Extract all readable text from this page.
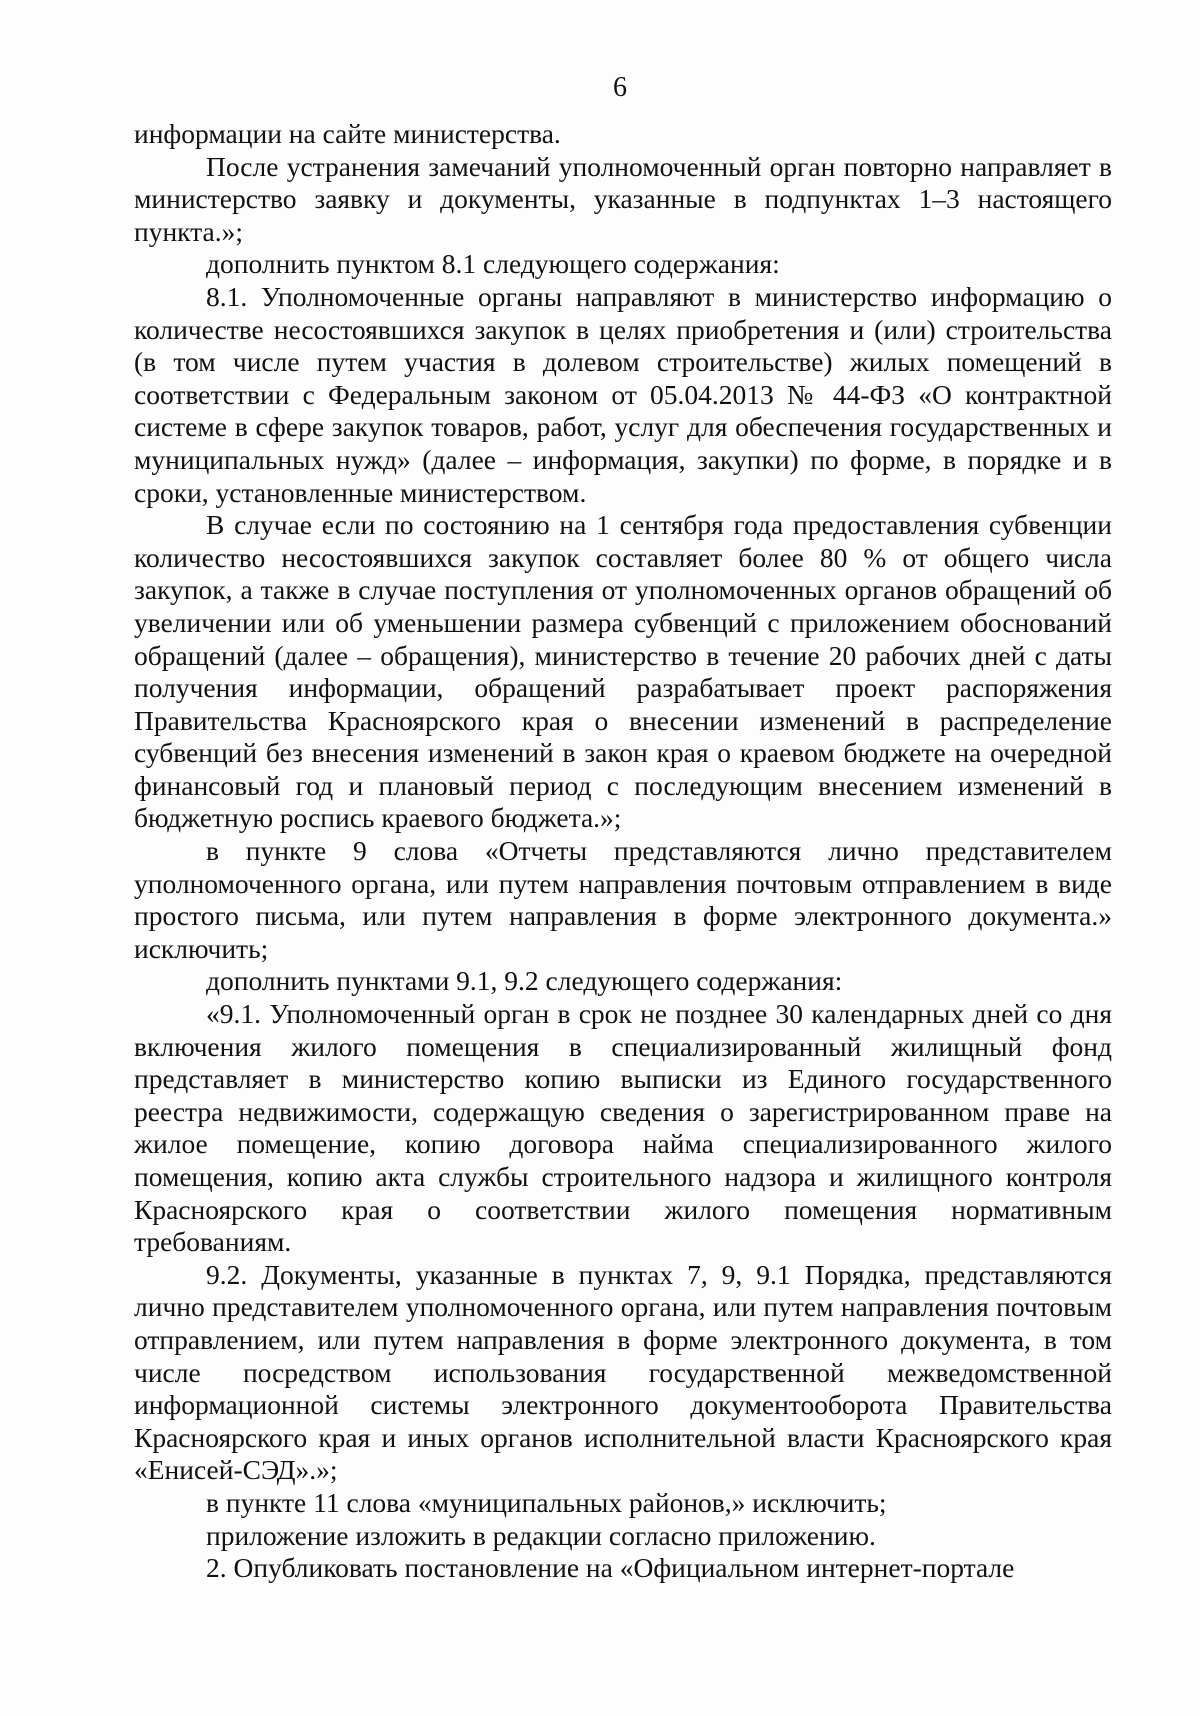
6

информации на сайте министерства.

После устранения замечаний уполномоченный орган повторно направляет в министерство заявку и документы, указанные в подпунктах 1–3 настоящего пункта.»;

дополнить пунктом 8.1 следующего содержания:

8.1. Уполномоченные органы направляют в министерство информацию о количестве несостоявшихся закупок в целях приобретения и (или) строительства (в том числе путем участия в долевом строительстве) жилых помещений в соответствии с Федеральным законом от 05.04.2013 № 44-ФЗ «О контрактной системе в сфере закупок товаров, работ, услуг для обеспечения государственных и муниципальных нужд» (далее – информация, закупки) по форме, в порядке и в сроки, установленные министерством.

В случае если по состоянию на 1 сентября года предоставления субвенции количество несостоявшихся закупок составляет более 80 % от общего числа закупок, а также в случае поступления от уполномоченных органов обращений об увеличении или об уменьшении размера субвенций с приложением обоснований обращений (далее – обращения), министерство в течение 20 рабочих дней с даты получения информации, обращений разрабатывает проект распоряжения Правительства Красноярского края о внесении изменений в распределение субвенций без внесения изменений в закон края о краевом бюджете на очередной финансовый год и плановый период с последующим внесением изменений в бюджетную роспись краевого бюджета.»;

в пункте 9 слова «Отчеты представляются лично представителем уполномоченного органа, или путем направления почтовым отправлением в виде простого письма, или путем направления в форме электронного документа.» исключить;

дополнить пунктами 9.1, 9.2 следующего содержания:

«9.1. Уполномоченный орган в срок не позднее 30 календарных дней со дня включения жилого помещения в специализированный жилищный фонд представляет в министерство копию выписки из Единого государственного реестра недвижимости, содержащую сведения о зарегистрированном праве на жилое помещение, копию договора найма специализированного жилого помещения, копию акта службы строительного надзора и жилищного контроля Красноярского края о соответствии жилого помещения нормативным требованиям.

9.2. Документы, указанные в пунктах 7, 9, 9.1 Порядка, представляются лично представителем уполномоченного органа, или путем направления почтовым отправлением, или путем направления в форме электронного документа, в том числе посредством использования государственной межведомственной информационной системы электронного документооборота Правительства Красноярского края и иных органов исполнительной власти Красноярского края «Енисей-СЭД».»;

в пункте 11 слова «муниципальных районов,» исключить;

приложение изложить в редакции согласно приложению.

2. Опубликовать постановление на «Официальном интернет-портале
